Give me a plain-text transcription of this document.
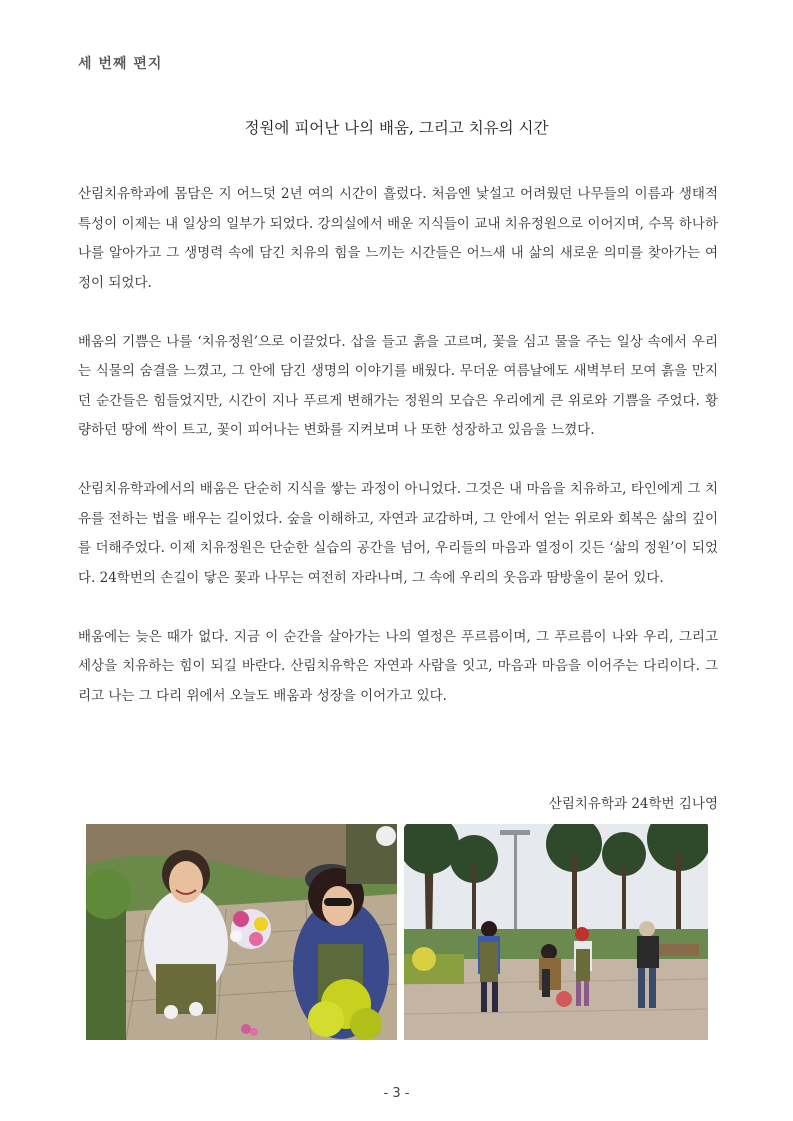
세 번째 편지
정원에 피어난 나의 배움, 그리고 치유의 시간

산림치유학과에 몸담은 지 어느덧 2년 여의 시간이 흘렀다. 처음엔 낯설고 어려웠던 나무들의 이름과 생태적 특성이 이제는 내 일상의 일부가 되었다. 강의실에서 배운 지식들이 교내 치유정원으로 이어지며, 수목 하나하나를 알아가고 그 생명력 속에 담긴 치유의 힘을 느끼는 시간들은 어느새 내 삶의 새로운 의미를 찾아가는 여정이 되었다.

배움의 기쁨은 나를 ‘치유정원’으로 이끌었다. 삽을 들고 흙을 고르며, 꽃을 심고 물을 주는 일상 속에서 우리는 식물의 숨결을 느꼈고, 그 안에 담긴 생명의 이야기를 배웠다. 무더운 여름날에도 새벽부터 모여 흙을 만지던 순간들은 힘들었지만, 시간이 지나 푸르게 변해가는 정원의 모습은 우리에게 큰 위로와 기쁨을 주었다. 황량하던 땅에 싹이 트고, 꽃이 피어나는 변화를 지켜보며 나 또한 성장하고 있음을 느꼈다.

산림치유학과에서의 배움은 단순히 지식을 쌓는 과정이 아니었다. 그것은 내 마음을 치유하고, 타인에게 그 치유를 전하는 법을 배우는 길이었다. 숲을 이해하고, 자연과 교감하며, 그 안에서 얻는 위로와 회복은 삶의 깊이를 더해주었다. 이제 치유정원은 단순한 실습의 공간을 넘어, 우리들의 마음과 열정이 깃든 ‘삶의 정원’이 되었다. 24학번의 손길이 닿은 꽃과 나무는 여전히 자라나며, 그 속에 우리의 웃음과 땀방울이 묻어 있다.

배움에는 늦은 때가 없다. 지금 이 순간을 살아가는 나의 열정은 푸르름이며, 그 푸르름이 나와 우리, 그리고 세상을 치유하는 힘이 되길 바란다. 산림치유학은 자연과 사람을 잇고, 마음과 마음을 이어주는 다리이다. 그리고 나는 그 다리 위에서 오늘도 배움과 성장을 이어가고 있다.

산림치유학과 24학번 김나영
- 3 -
